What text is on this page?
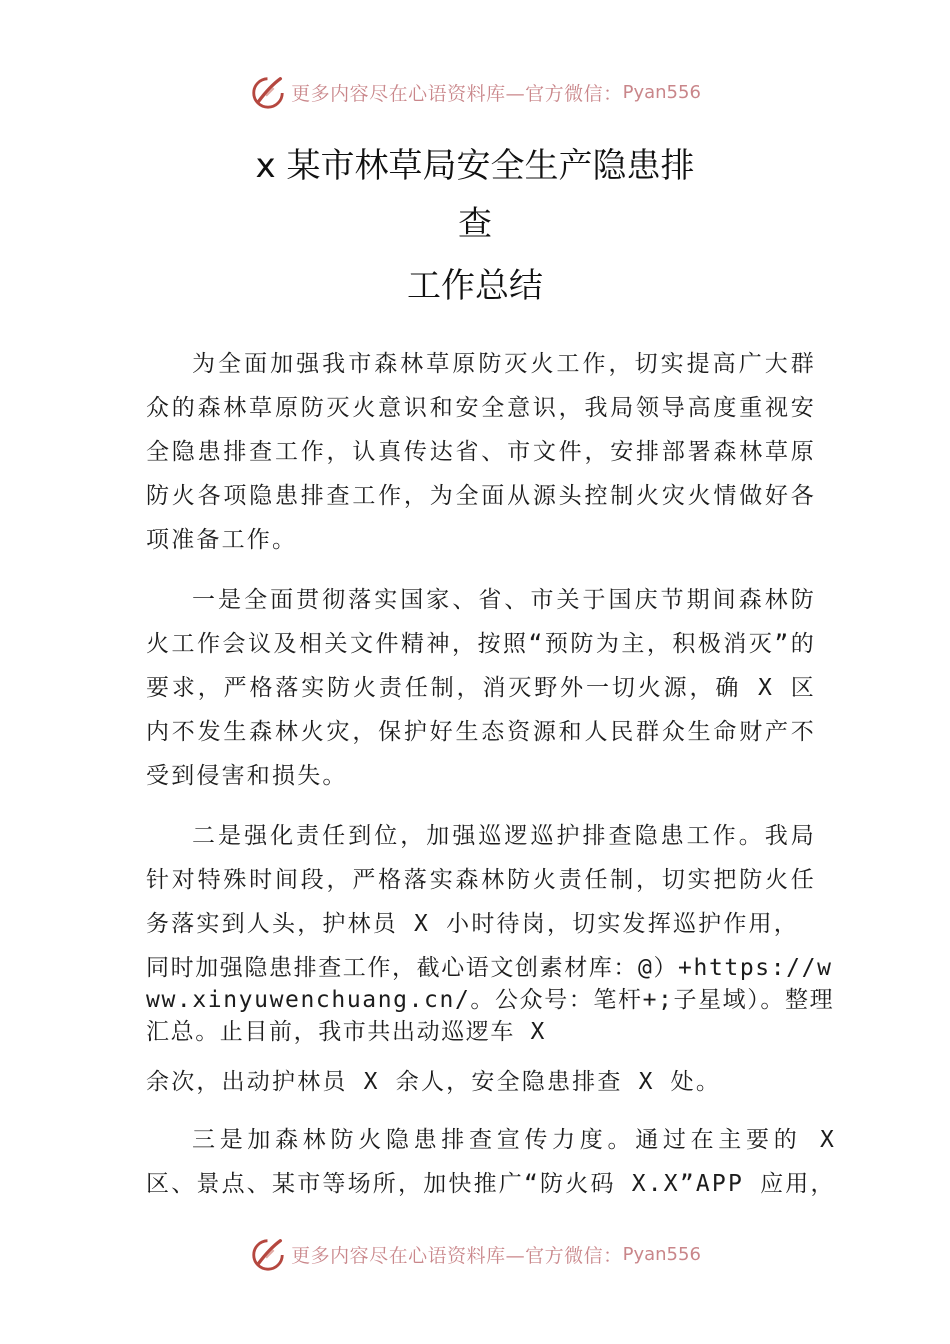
更多内容尽在心语资料库—官方微信： Pyan556
x 某市林草局安全生产隐患排
查
工作总结

为全面加强我市森林草原防灭火工作，切实提高广大群众的森林草原防灭火意识和安全意识，我局领导高度重视安全隐患排查工作，认真传达省、市文件，安排部署森林草原防火各项隐患排查工作，为全面从源头控制火灾火情做好各项准备工作。

一是全面贯彻落实国家、省、市关于国庆节期间森林防火工作会议及相关文件精神，按照“预防为主，积极消灭”的要求，严格落实防火责任制，消灭野外一切火源，确 X 区内不发生森林火灾，保护好生态资源和人民群众生命财产不受到侵害和损失。

二是强化责任到位，加强巡逻巡护排查隐患工作。我局针对特殊时间段，严格落实森林防火责任制，切实把防火任务落实到人头，护林员 X 小时待岗，切实发挥巡护作用，

同时加强隐患排查工作，截心语文创素材库：@）+https://www.xinyuwenchuang.cn/。公众号：笔杆+;子星域）。整理汇总。止目前，我市共出动巡逻车 X

余次，出动护林员 X 余人，安全隐患排查 X 处。

三是加森林防火隐患排查宣传力度。通过在主要的 X 区、景点、某市等场所，加快推广“防火码 X.X”APP 应用，

更多内容尽在心语资料库—官方微信： Pyan556
